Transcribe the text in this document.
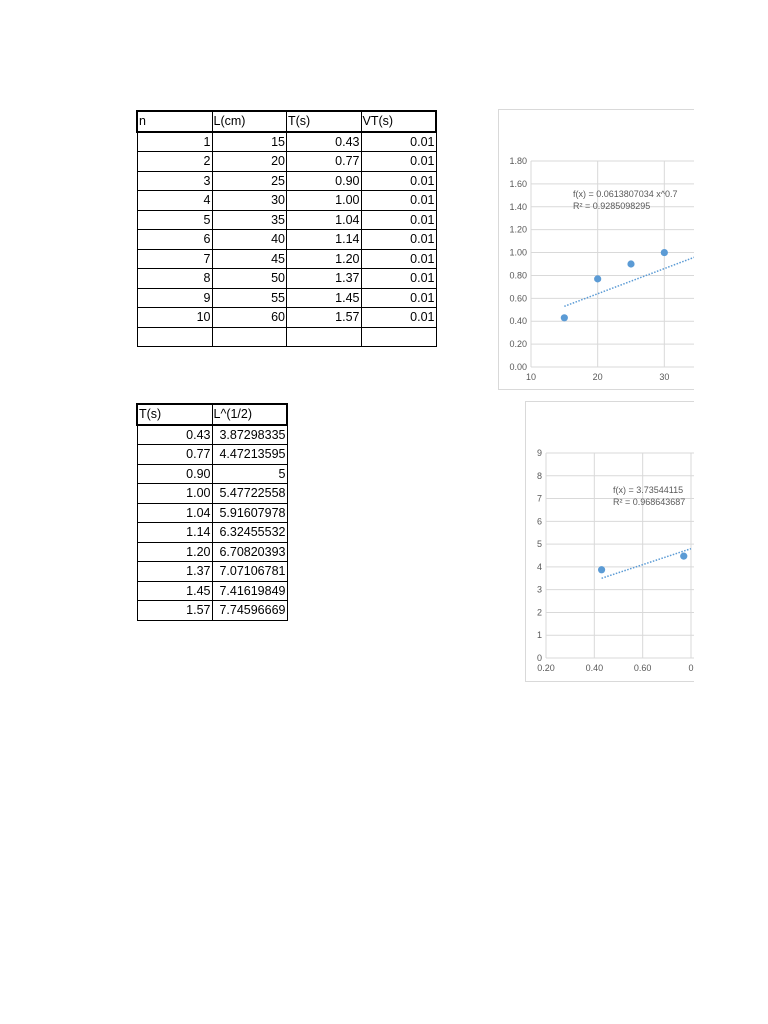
n	L(cm)	T(s)	VT(s)
1	15	0.43	0.01
2	20	0.77	0.01
3	25	0.90	0.01
4	30	1.00	0.01
5	35	1.04	0.01
6	40	1.14	0.01
7	45	1.20	0.01
8	50	1.37	0.01
9	55	1.45	0.01
10	60	1.57	0.01

T(s)	L^(1/2)
0.43	3.87298335
0.77	4.47213595
0.90	5
1.00	5.47722558
1.04	5.91607978
1.14	6.32455532
1.20	6.70820393
1.37	7.07106781
1.45	7.41619849
1.57	7.74596669
0.00
0.20
0.40
0.60
0.80
1.00
1.20
1.40
1.60
1.80
10	20	30
f(x) = 0.0613807034 x^0.7
R² = 0.9285098295
0
1
2
3
4
5
6
7
8
9
0.20	0.40	0.60	0
f(x) = 3.73544115
R² = 0.968643687
